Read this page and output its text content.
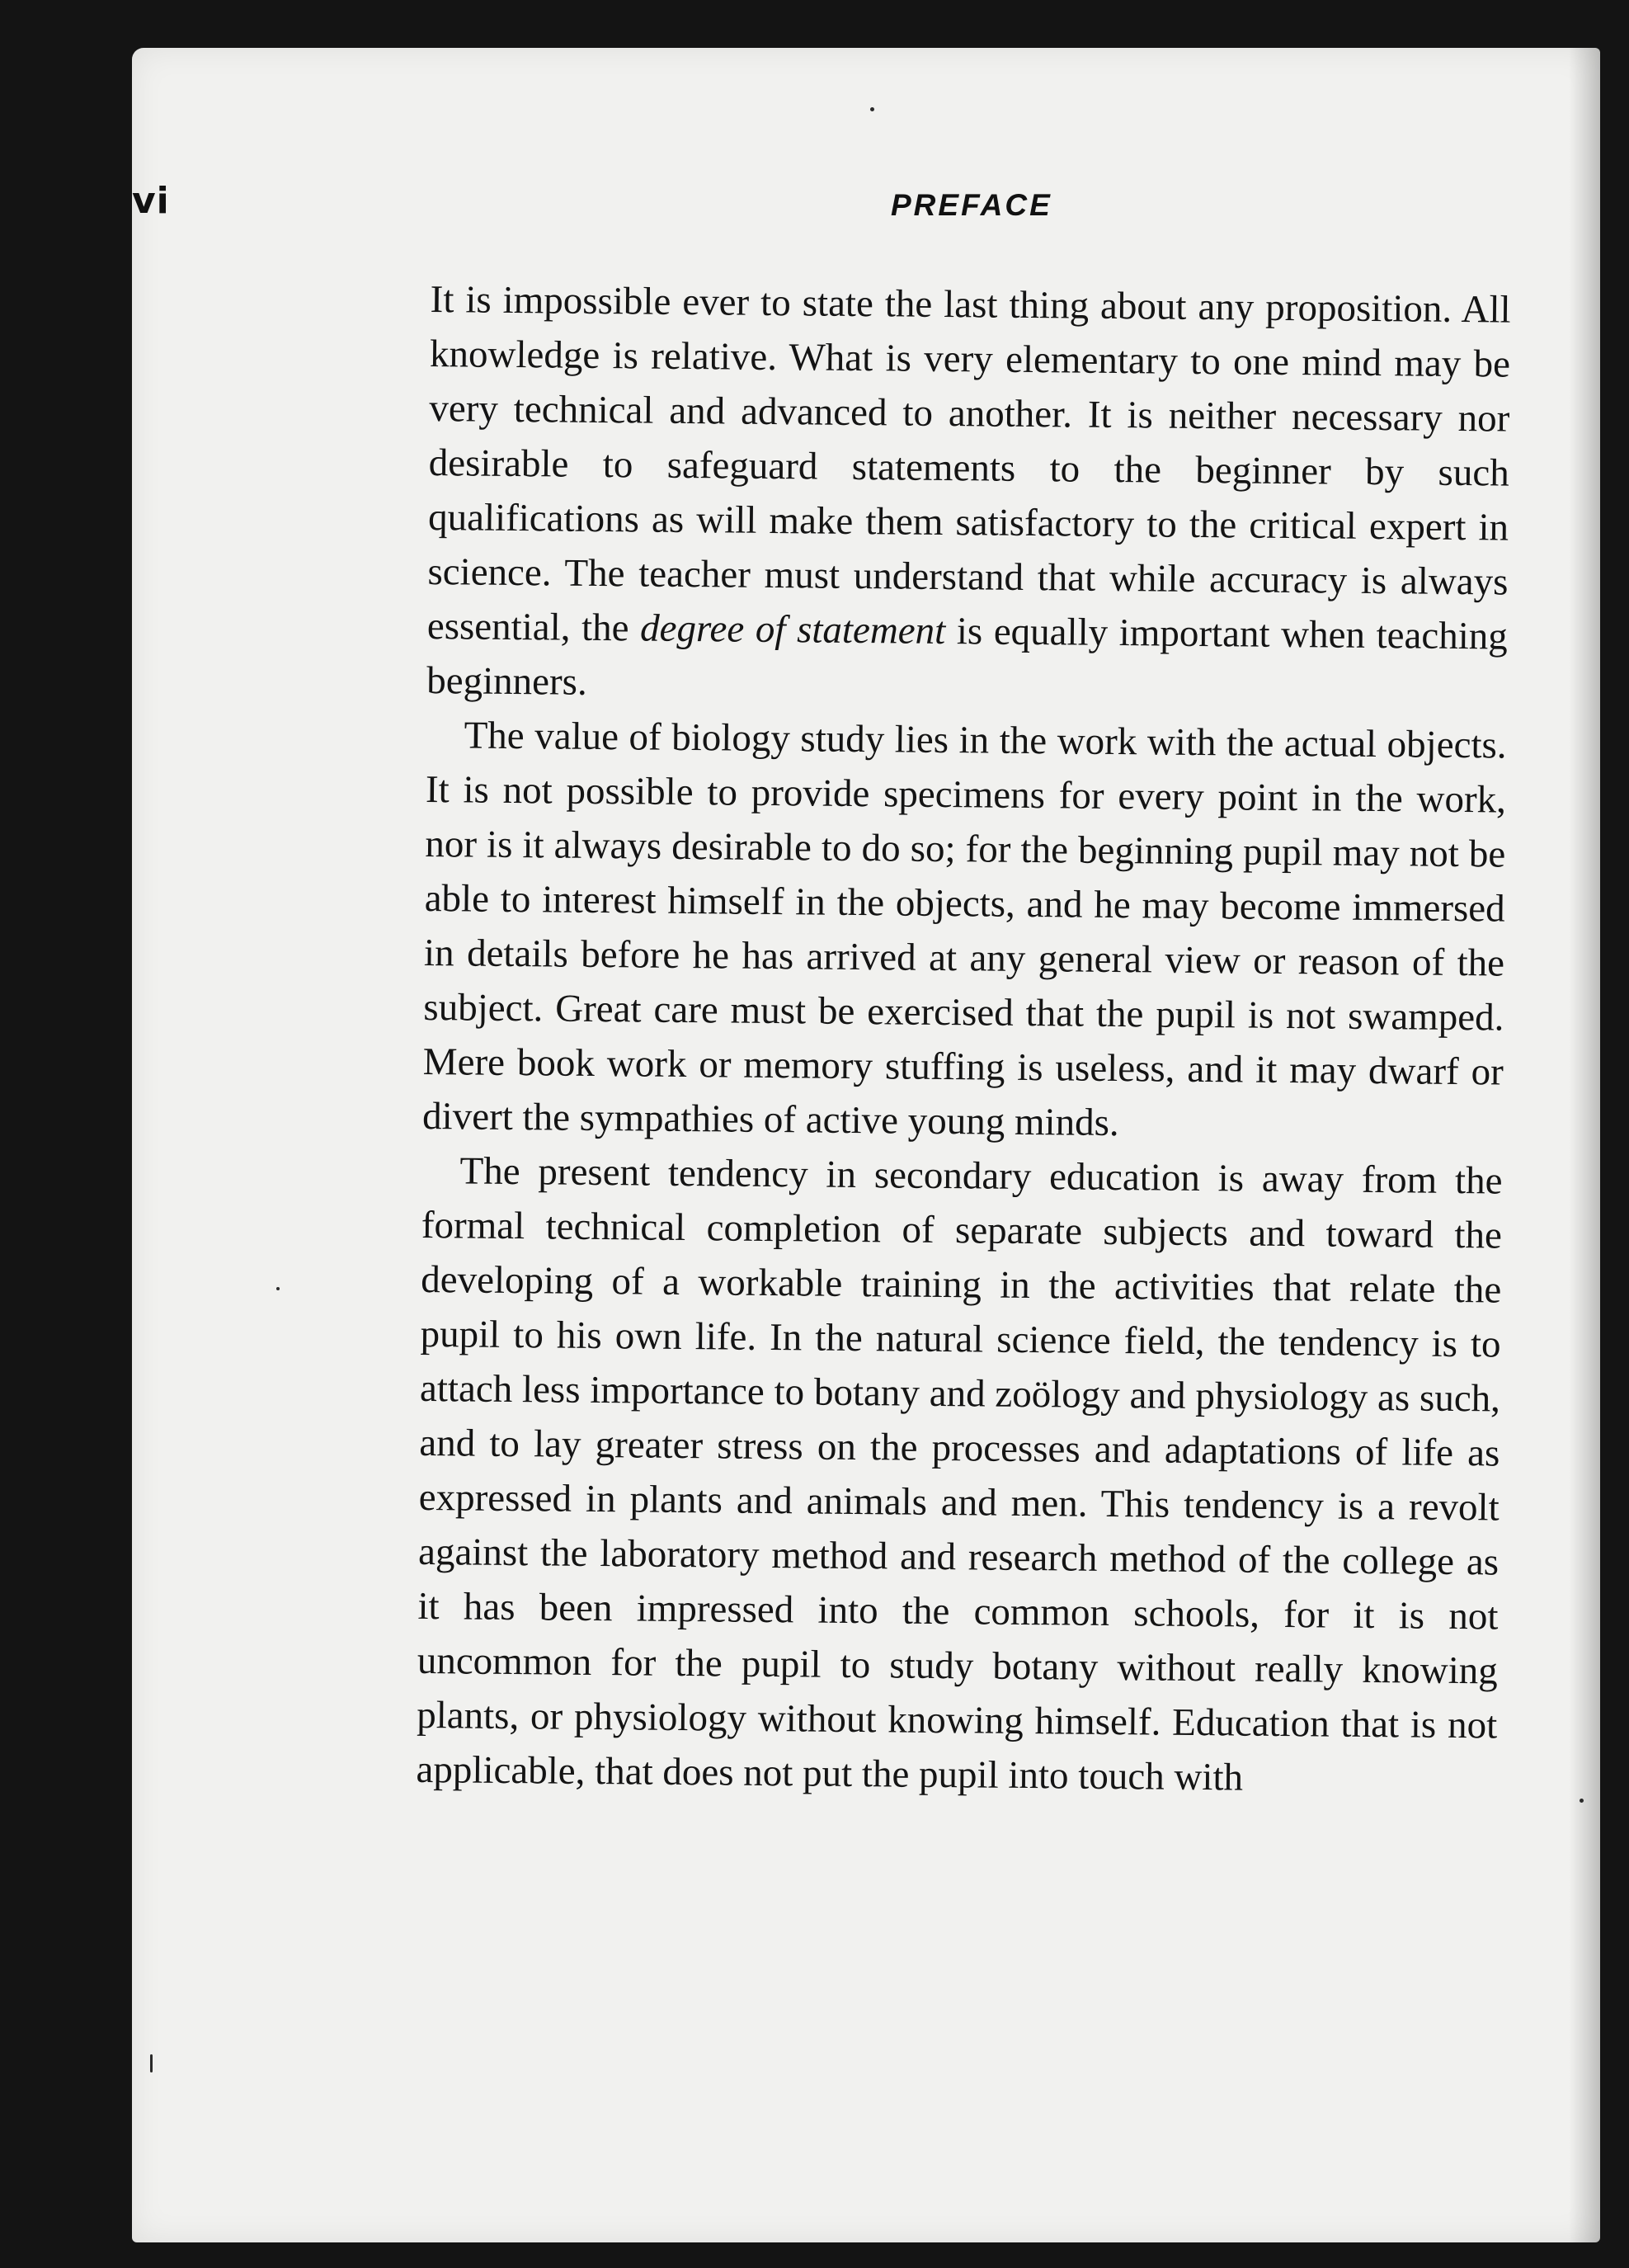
vi	PREFACE

It is impossible ever to state the last thing about any proposition. All knowledge is relative. What is very elementary to one mind may be very technical and advanced to another. It is neither necessary nor desirable to safeguard statements to the beginner by such qualifications as will make them satisfactory to the critical expert in science. The teacher must understand that while accuracy is always essential, the degree of statement is equally important when teaching beginners.

The value of biology study lies in the work with the actual objects. It is not possible to provide specimens for every point in the work, nor is it always desirable to do so; for the beginning pupil may not be able to interest himself in the objects, and he may become immersed in details before he has arrived at any general view or reason of the subject. Great care must be exercised that the pupil is not swamped. Mere book work or memory stuffing is useless, and it may dwarf or divert the sympathies of active young minds.

The present tendency in secondary education is away from the formal technical completion of separate subjects and toward the developing of a workable training in the activities that relate the pupil to his own life. In the natural science field, the tendency is to attach less importance to botany and zoölogy and physiology as such, and to lay greater stress on the processes and adaptations of life as expressed in plants and animals and men. This tendency is a revolt against the laboratory method and research method of the college as it has been impressed into the common schools, for it is not uncommon for the pupil to study botany without really knowing plants, or physiology without knowing himself. Education that is not applicable, that does not put the pupil into touch with
